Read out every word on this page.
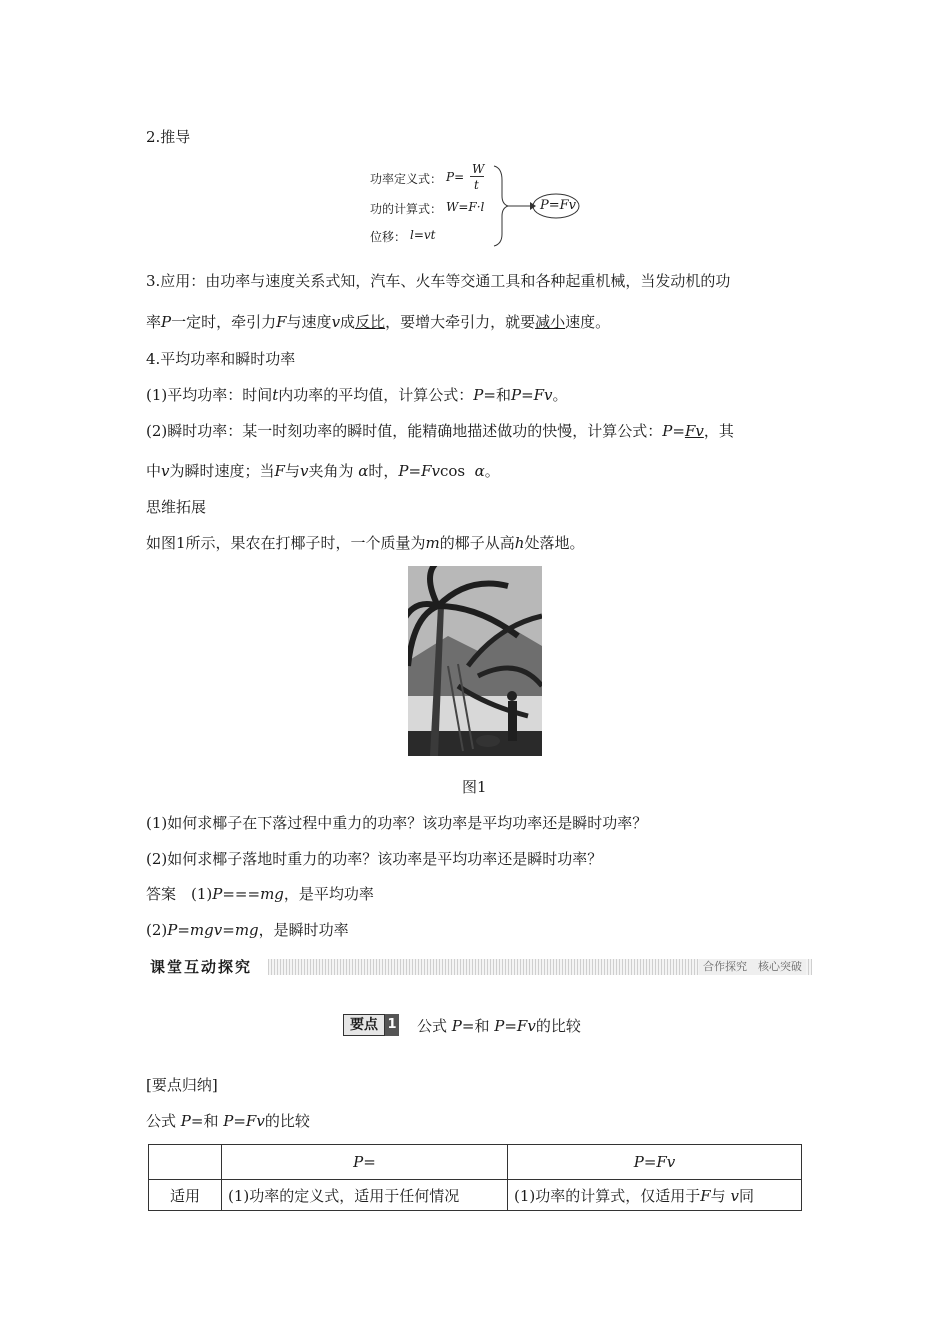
2.推导
功率定义式： P=
W
t
功的计算式： W=F·l
位移： l=vt
P=Fv
3.应用：由功率与速度关系式知，汽车、火车等交通工具和各种起重机械，当发动机的功
率P一定时，牵引力F与速度v成反比，要增大牵引力，就要减小速度。
4.平均功率和瞬时功率
(1)平均功率：时间t内功率的平均值，计算公式：P=和P=Fv。
(2)瞬时功率：某一时刻功率的瞬时值，能精确地描述做功的快慢，计算公式：P=Fv，其
中v为瞬时速度；当F与v夹角为 α时，P=Fvcos α。
思维拓展
如图1所示，果农在打椰子时，一个质量为m的椰子从高h处落地。
图1
(1)如何求椰子在下落过程中重力的功率？该功率是平均功率还是瞬时功率？
(2)如何求椰子落地时重力的功率？该功率是平均功率还是瞬时功率？
答案　(1)P===mg，是平均功率
(2)P=mgv=mg，是瞬时功率
课堂互动探究	合作探究　核心突破
要点 1 公式 P=和 P=Fv的比较
[要点归纳]
公式 P=和 P=Fv的比较
	P=	P=Fv
适用	(1)功率的定义式，适用于任何情况	(1)功率的计算式，仅适用于F与 v同
